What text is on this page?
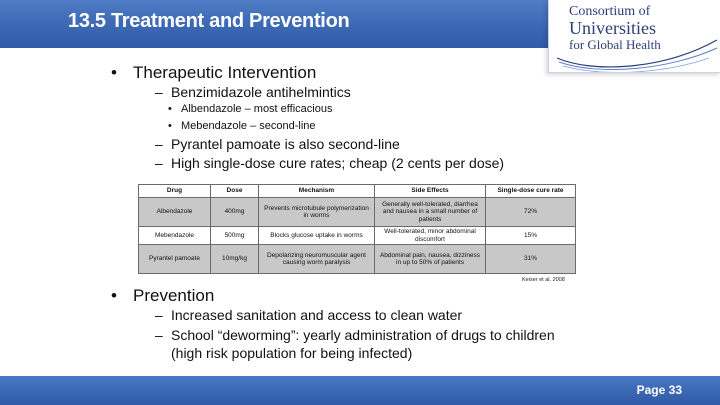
13.5 Treatment and Prevention	Consortium of
Universities
for Global Health
• Therapeutic Intervention
– Benzimidazole antihelmintics
• Albendazole – most efficacious
• Mebendazole – second-line
– Pyrantel pamoate is also second-line
– High single-dose cure rates; cheap (2 cents per dose)
Drug	Dose	Mechanism	Side Effects	Single-dose cure rate
Albendazole	400mg	Prevents microtubule polymerization in worms	Generally well-tolerated, diarrhea and nausea in a small number of patients	72%
Mebendazole	500mg	Blocks glucose uptake in worms	Well-tolerated, minor abdominal discomfort	15%
Pyrantel pamoate	10mg/kg	Depolarizing neuromuscular agent causing worm paralysis	Abdominal pain, nausea, dizziness in up to 50% of patients	31%
Keiser et al. 2008
• Prevention
– Increased sanitation and access to clean water
– School “deworming”: yearly administration of drugs to children
(high risk population for being infected)
Page 33
